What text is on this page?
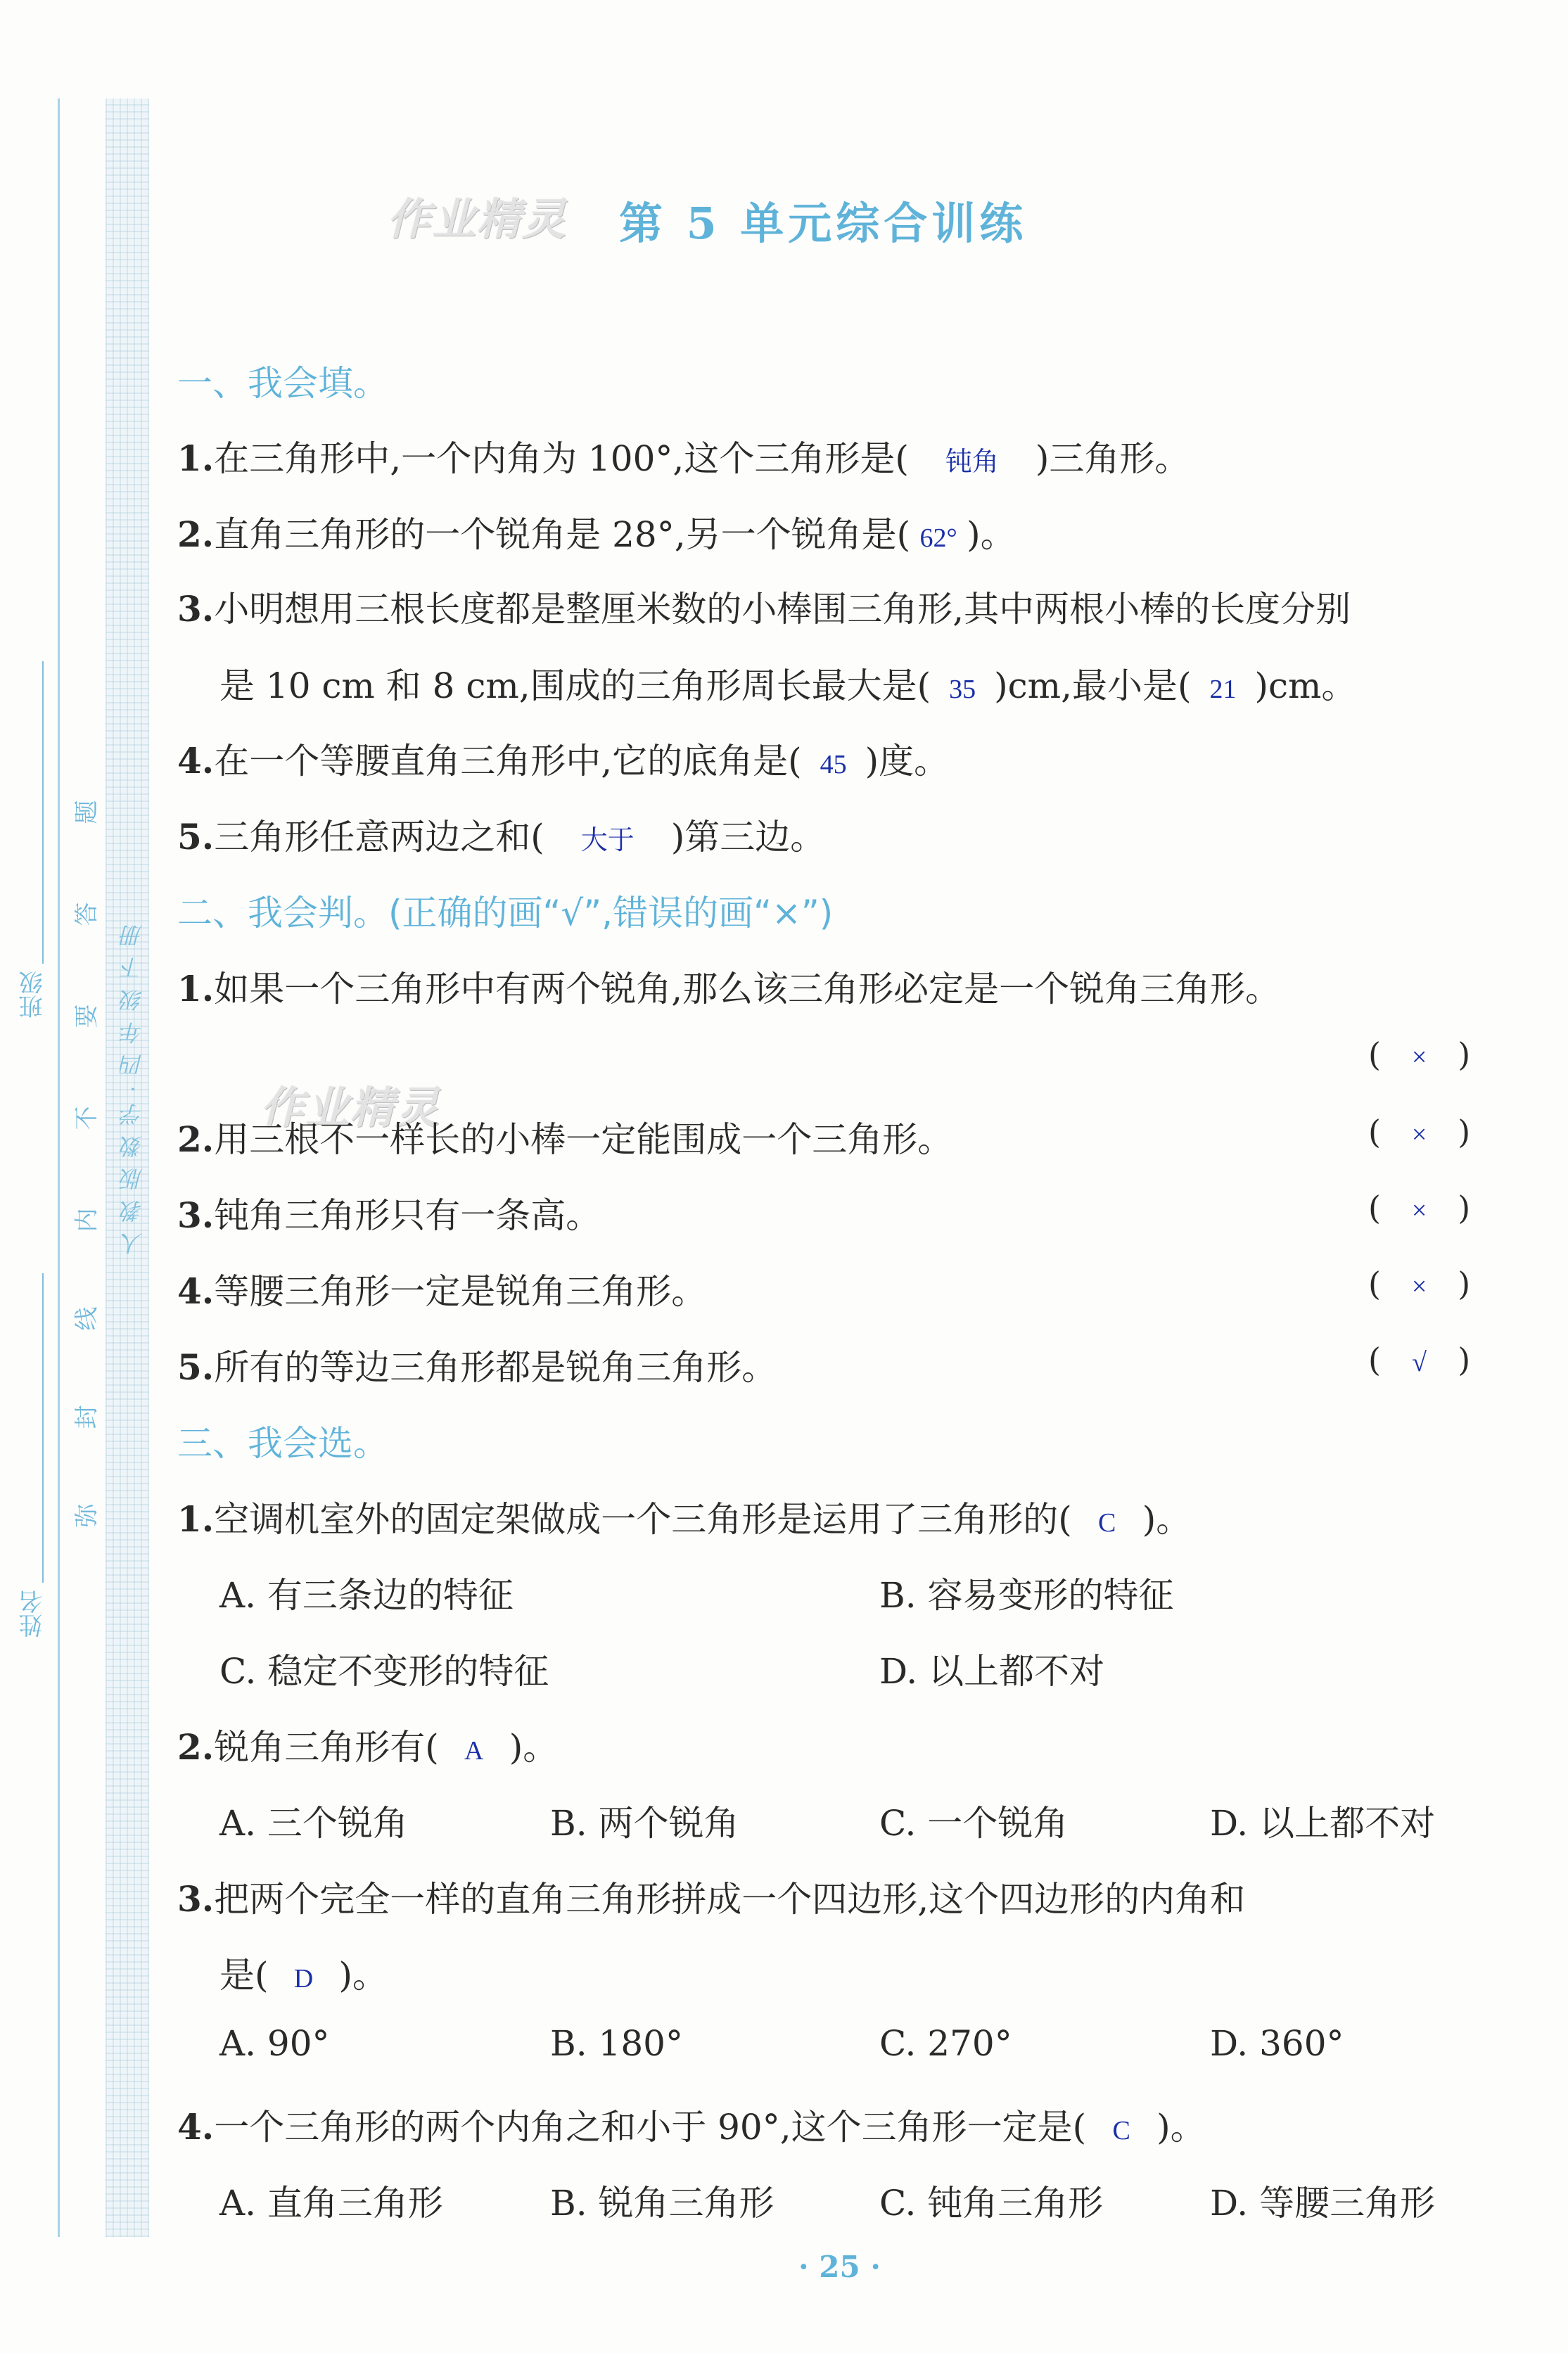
班级
姓名
弥
封
线
内
不
要
答
题
人教版数学·四年级下册
作业精灵
作业精灵
第 5 单元综合训练
一、我会填。
1.在三角形中,一个内角为 100°,这个三角形是( 钝角 )三角形。
2.直角三角形的一个锐角是 28°,另一个锐角是( 62° )。
3.小明想用三根长度都是整厘米数的小棒围三角形,其中两根小棒的长度分别
是 10 cm 和 8 cm,围成的三角形周长最大是( 35 )cm,最小是( 21 )cm。
4.在一个等腰直角三角形中,它的底角是( 45 )度。
5.三角形任意两边之和( 大于 )第三边。
二、我会判。(正确的画“√”,错误的画“×”)
1.如果一个三角形中有两个锐角,那么该三角形必定是一个锐角三角形。
( × )
2.用三根不一样长的小棒一定能围成一个三角形。	( × )
3.钝角三角形只有一条高。	( × )
4.等腰三角形一定是锐角三角形。	( × )
5.所有的等边三角形都是锐角三角形。	( √ )
三、我会选。
1.空调机室外的固定架做成一个三角形是运用了三角形的( C )。
A. 有三条边的特征	B. 容易变形的特征
C. 稳定不变形的特征	D. 以上都不对
2.锐角三角形有( A )。
A. 三个锐角	B. 两个锐角	C. 一个锐角	D. 以上都不对
3.把两个完全一样的直角三角形拼成一个四边形,这个四边形的内角和
是( D )。
A. 90°	B. 180°	C. 270°	D. 360°
4.一个三角形的两个内角之和小于 90°,这个三角形一定是( C )。
A. 直角三角形	B. 锐角三角形	C. 钝角三角形	D. 等腰三角形
· 25 ·
